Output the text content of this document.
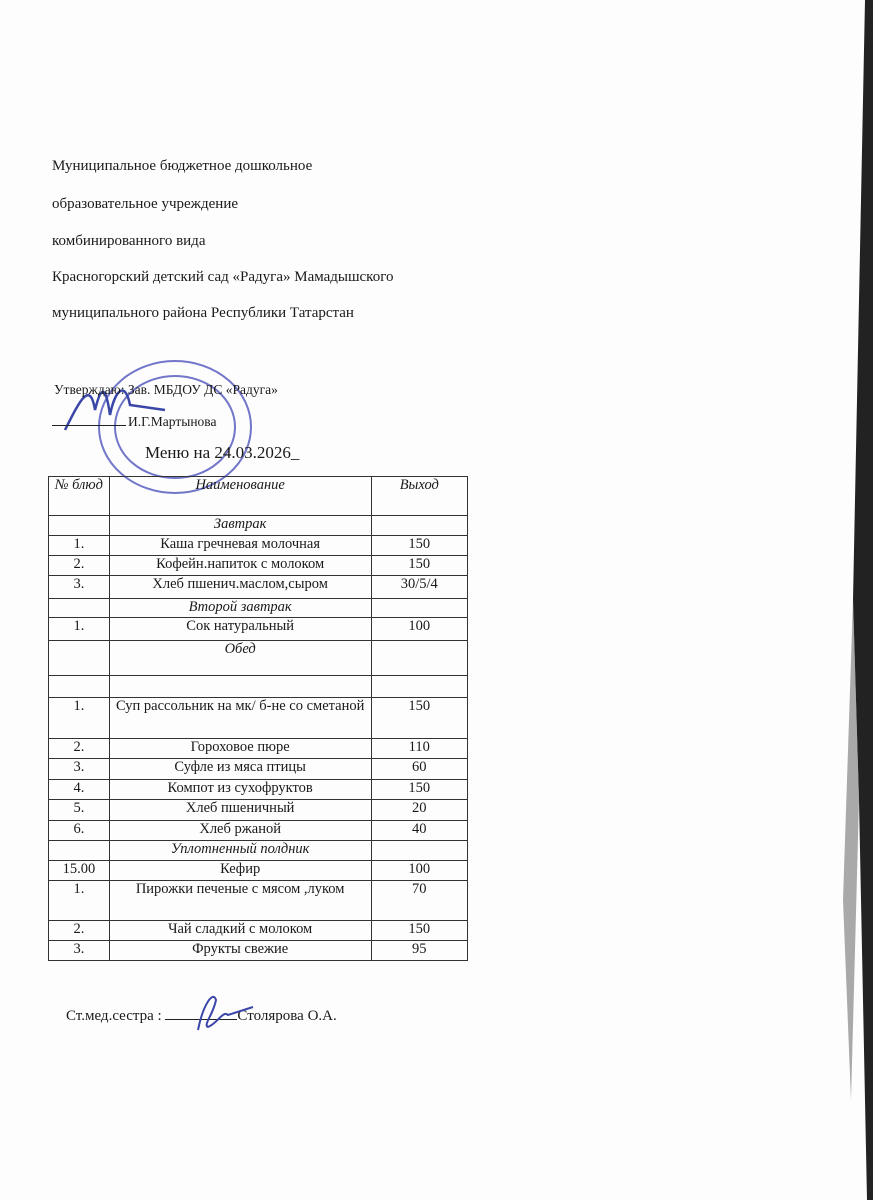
Муниципальное бюджетное дошкольное
образовательное учреждение
комбинированного вида
Красногорский детский сад «Радуга» Мамадышского
муниципального района Республики Татарстан
Утверждаю: Зав. МБДОУ ДС «Радуга»
И.Г.Мартынова
Меню на 24.03.2026_
№ блюд	Наименование	Выход
	Завтрак	
1.	Каша гречневая молочная	150
2.	Кофейн.напиток с молоком	150
3.	Хлеб пшенич.маслом,сыром	30/5/4
	Второй завтрак	
1.	Сок натуральный	100
	Обед	

1.	Суп рассольник на мк/ б-не со сметаной	150
2.	Гороховое пюре	110
3.	Суфле из мяса птицы	60
4.	Компот из сухофруктов	150
5.	Хлеб пшеничный	20
6.	Хлеб ржаной	40
	Уплотненный полдник	
15.00	Кефир	100
1.	Пирожки печеные с мясом ,луком	70
2.	Чай сладкий с молоком	150
3.	Фрукты свежие	95
Ст.мед.сестра :	Столярова О.А.
